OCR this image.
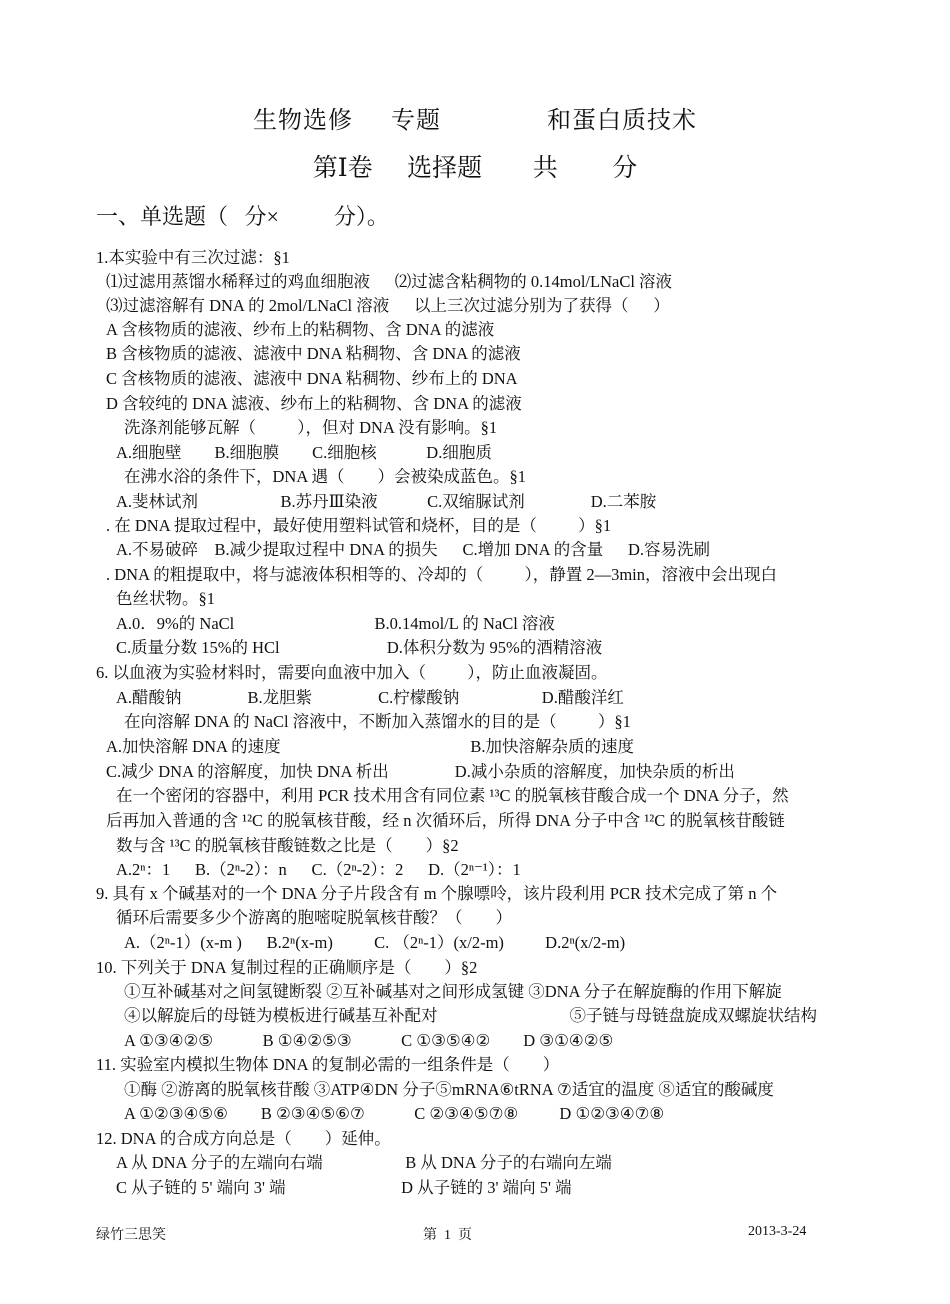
生物选修 专题	和蛋白质技术
第Ⅰ卷 选择题 共 分
一、单选题（   分×          分）。
1.本实验中有三次过滤：§1
⑴过滤用蒸馏水稀释过的鸡血细胞液      ⑵过滤含粘稠物的 0.14mol/LNaCl 溶液
⑶过滤溶解有 DNA 的 2mol/LNaCl 溶液      以上三次过滤分别为了获得（      ）
A 含核物质的滤液、纱布上的粘稠物、含 DNA 的滤液
B 含核物质的滤液、滤液中 DNA 粘稠物、含 DNA 的滤液
C 含核物质的滤液、滤液中 DNA 粘稠物、纱布上的 DNA
D 含较纯的 DNA 滤液、纱布上的粘稠物、含 DNA 的滤液
洗涤剂能够瓦解（          ），但对 DNA 没有影响。§1
A.细胞壁        B.细胞膜        C.细胞核            D.细胞质
在沸水浴的条件下，DNA 遇（        ）会被染成蓝色。§1
A.斐林试剂                    B.苏丹Ⅲ染液            C.双缩脲试剂                D.二苯胺
. 在 DNA 提取过程中，最好使用塑料试管和烧杯，目的是（          ）§1
A.不易破碎    B.减少提取过程中 DNA 的损失      C.增加 DNA 的含量      D.容易洗刷
. DNA 的粗提取中，将与滤液体积相等的、冷却的（          ），静置 2—3min，溶液中会出现白
色丝状物。§1
A.0．9%的 NaCl                                  B.0.14mol/L 的 NaCl 溶液
C.质量分数 15%的 HCl                          D.体积分数为 95%的酒精溶液
6. 以血液为实验材料时，需要向血液中加入（          ），防止血液凝固。
A.醋酸钠                B.龙胆紫                C.柠檬酸钠                    D.醋酸洋红
在向溶解 DNA 的 NaCl 溶液中，不断加入蒸馏水的目的是（          ）§1
A.加快溶解 DNA 的速度                                              B.加快溶解杂质的速度
C.减少 DNA 的溶解度，加快 DNA 析出                D.减小杂质的溶解度，加快杂质的析出
在一个密闭的容器中，利用 PCR 技术用含有同位素 ¹³C 的脱氧核苷酸合成一个 DNA 分子，然
后再加入普通的含 ¹²C 的脱氧核苷酸，经 n 次循环后，所得 DNA 分子中含 ¹²C 的脱氧核苷酸链
数与含 ¹³C 的脱氧核苷酸链数之比是（        ）§2
A.2ⁿ：1      B.（2ⁿ-2）：n      C.（2ⁿ-2）：2      D.（2ⁿ⁻¹）：1
9. 具有 x 个碱基对的一个 DNA 分子片段含有 m 个腺嘌呤，该片段利用 PCR 技术完成了第 n 个
循环后需要多少个游离的胞嘧啶脱氧核苷酸？（        ）
A.（2ⁿ-1）(x-m )      B.2ⁿ(x-m)          C. （2ⁿ-1）(x/2-m)          D.2ⁿ(x/2-m)
10. 下列关于 DNA 复制过程的正确顺序是（        ）§2
①互补碱基对之间氢键断裂 ②互补碱基对之间形成氢键 ③DNA 分子在解旋酶的作用下解旋
④以解旋后的母链为模板进行碱基互补配对                                ⑤子链与母链盘旋成双螺旋状结构
A ①③④②⑤            B ①④②⑤③            C ①③⑤④②        D ③①④②⑤
11. 实验室内模拟生物体 DNA 的复制必需的一组条件是（        ）
①酶 ②游离的脱氧核苷酸 ③ATP④DN 分子⑤mRNA⑥tRNA ⑦适宜的温度 ⑧适宜的酸碱度
A ①②③④⑤⑥        B ②③④⑤⑥⑦            C ②③④⑤⑦⑧          D ①②③④⑦⑧
12. DNA 的合成方向总是（        ）延伸。
A 从 DNA 分子的左端向右端                    B 从 DNA 分子的右端向左端
C 从子链的 5' 端向 3' 端                            D 从子链的 3' 端向 5' 端
绿竹三思笑	第  1  页	2013-3-24
